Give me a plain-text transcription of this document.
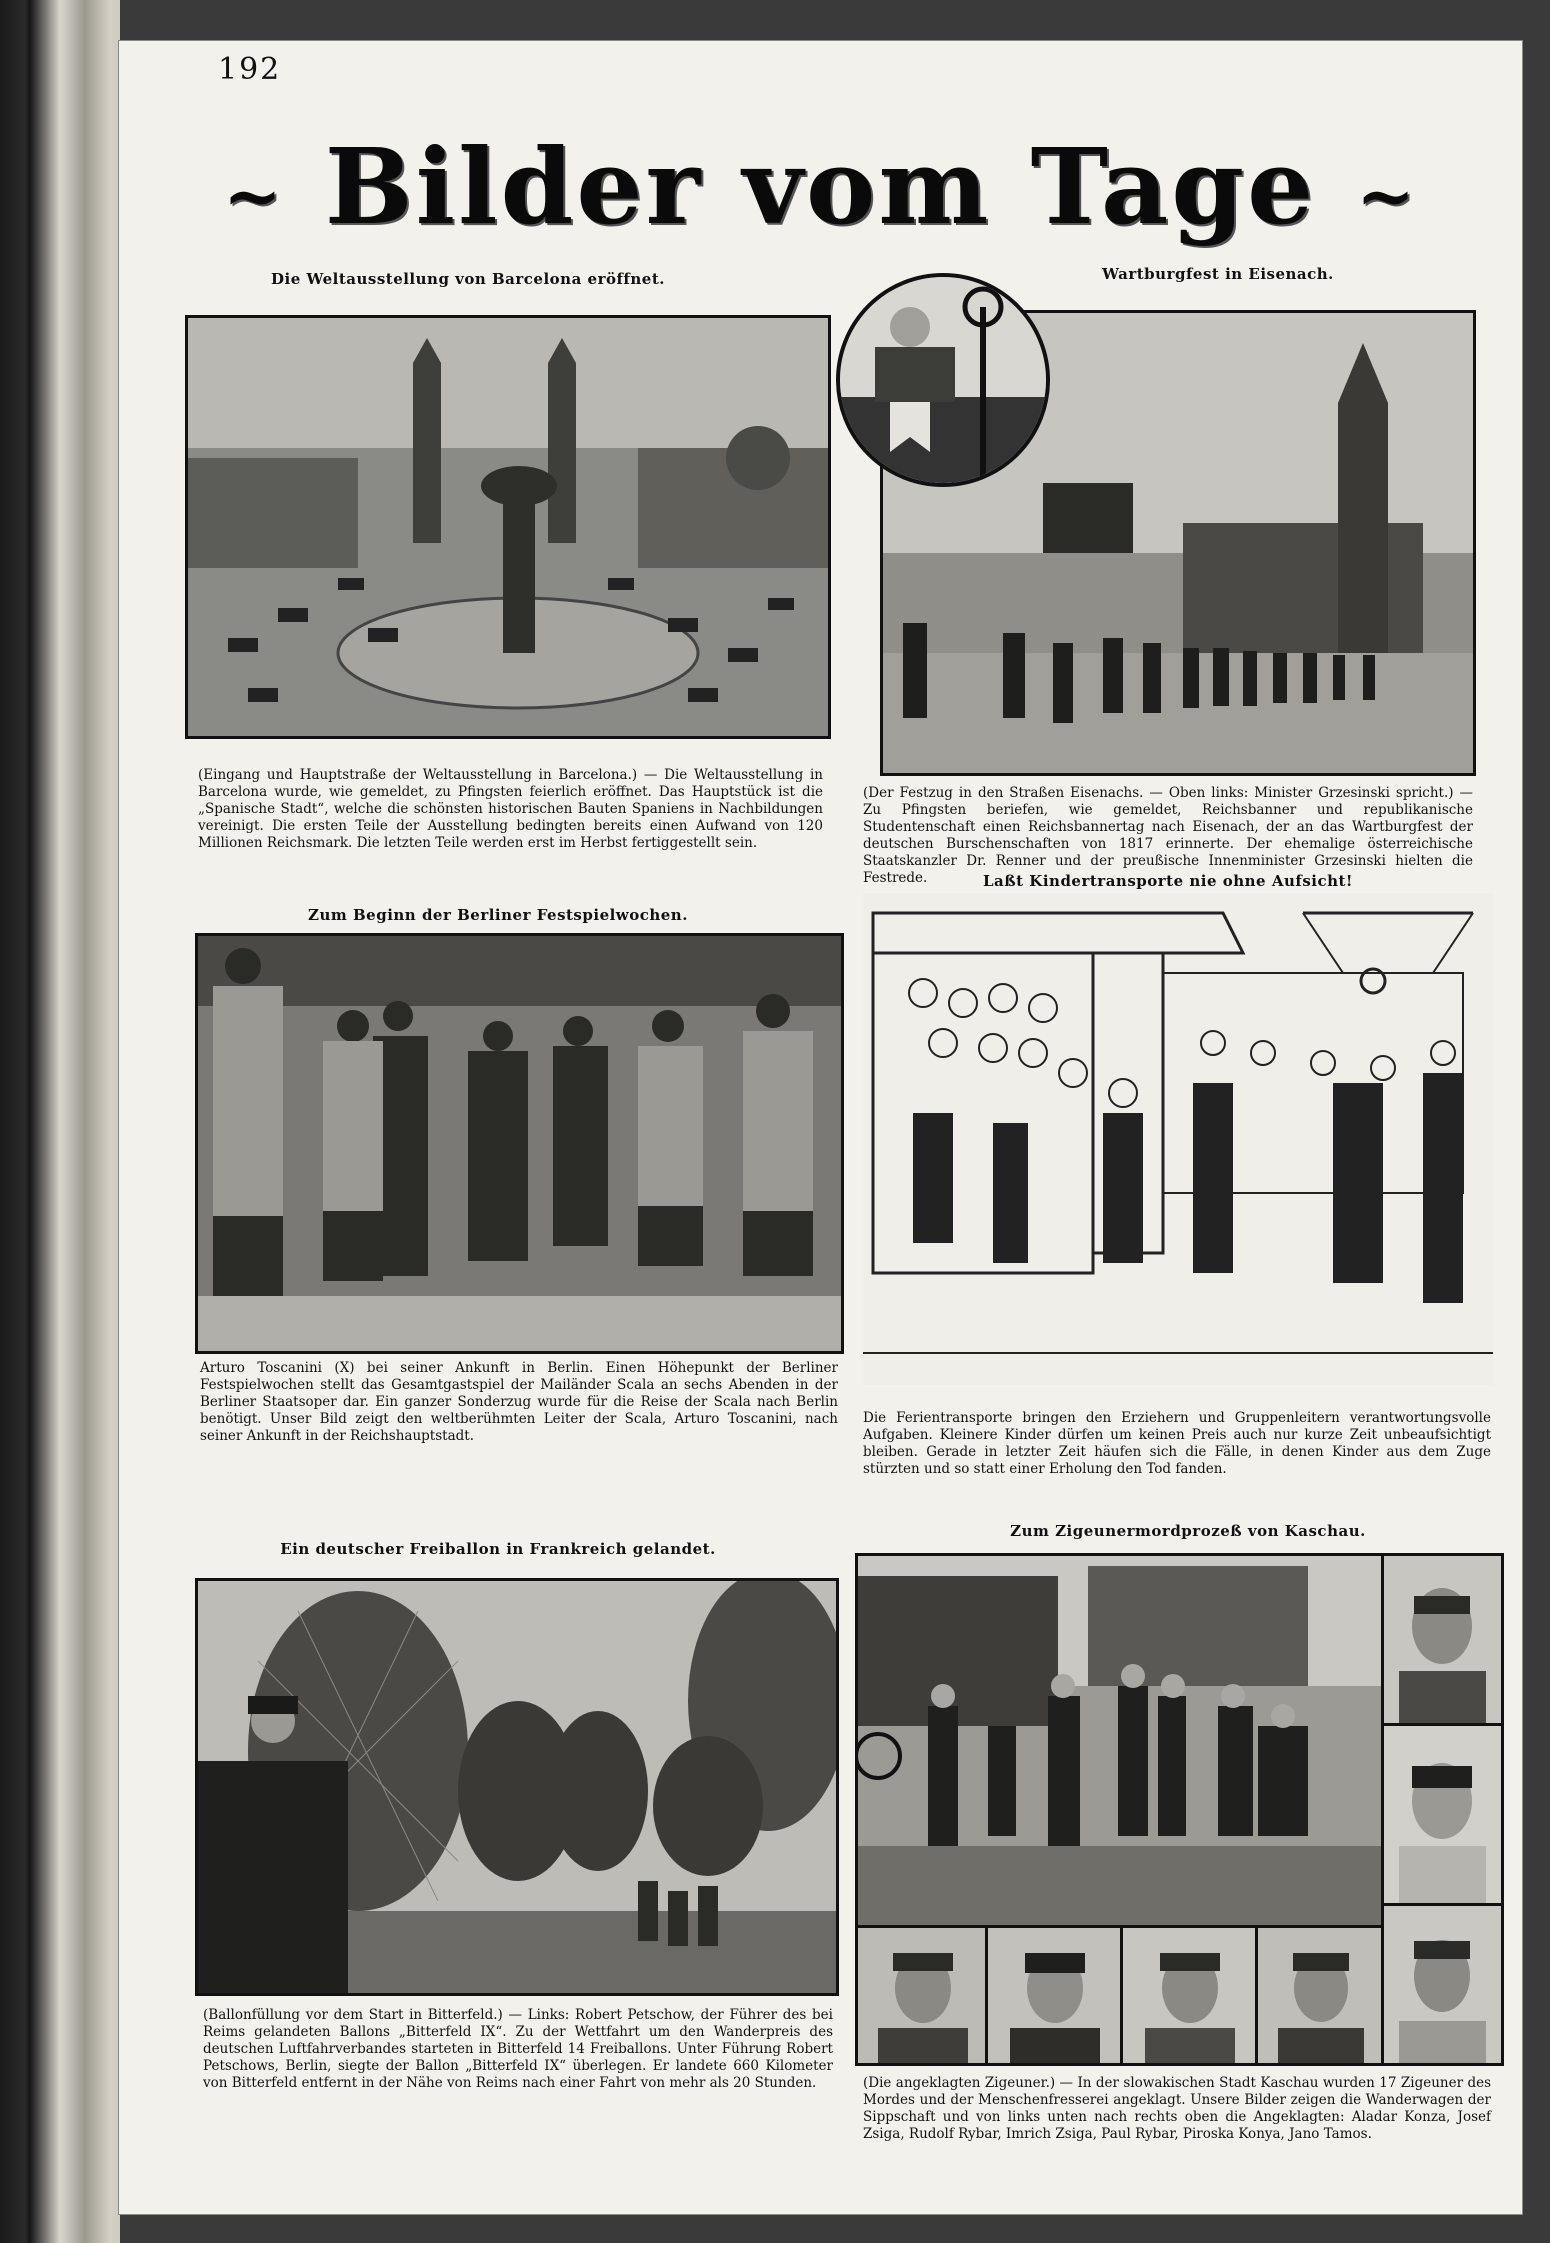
192
~ Bilder vom Tage ~
Die Weltausstellung von Barcelona eröffnet.

(Eingang und Hauptstraße der Weltausstellung in Barcelona.) — Die Weltausstellung in Barcelona wurde, wie gemeldet, zu Pfingsten feierlich eröffnet. Das Hauptstück ist die „Spanische Stadt“, welche die schönsten historischen Bauten Spaniens in Nachbildungen vereinigt. Die ersten Teile der Ausstellung bedingten bereits einen Aufwand von 120 Millionen Reichsmark. Die letzten Teile werden erst im Herbst fertiggestellt sein.

Wartburgfest in Eisenach.

(Der Festzug in den Straßen Eisenachs. — Oben links: Minister Grzesinski spricht.) — Zu Pfingsten beriefen, wie gemeldet, Reichsbanner und republikanische Studentenschaft einen Reichsbannertag nach Eisenach, der an das Wartburgfest der deutschen Burschenschaften von 1817 erinnerte. Der ehemalige österreichische Staatskanzler Dr. Renner und der preußische Innenminister Grzesinski hielten die Festrede.

Zum Beginn der Berliner Festspielwochen.

Arturo Toscanini (X) bei seiner Ankunft in Berlin. Einen Höhepunkt der Berliner Festspielwochen stellt das Gesamtgastspiel der Mailänder Scala an sechs Abenden in der Berliner Staatsoper dar. Ein ganzer Sonderzug wurde für die Reise der Scala nach Berlin benötigt. Unser Bild zeigt den weltberühmten Leiter der Scala, Arturo Toscanini, nach seiner Ankunft in der Reichshauptstadt.

Laßt Kindertransporte nie ohne Aufsicht!

Die Ferientransporte bringen den Erziehern und Gruppenleitern verantwortungsvolle Aufgaben. Kleinere Kinder dürfen um keinen Preis auch nur kurze Zeit unbeaufsichtigt bleiben. Gerade in letzter Zeit häufen sich die Fälle, in denen Kinder aus dem Zuge stürzten und so statt einer Erholung den Tod fanden.

Ein deutscher Freiballon in Frankreich gelandet.

(Ballonfüllung vor dem Start in Bitterfeld.) — Links: Robert Petschow, der Führer des bei Reims gelandeten Ballons „Bitterfeld IX“. Zu der Wettfahrt um den Wanderpreis des deutschen Luftfahrverbandes starteten in Bitterfeld 14 Freiballons. Unter Führung Robert Petschows, Berlin, siegte der Ballon „Bitterfeld IX“ überlegen. Er landete 660 Kilometer von Bitterfeld entfernt in der Nähe von Reims nach einer Fahrt von mehr als 20 Stunden.

Zum Zigeunermordprozeß von Kaschau.

(Die angeklagten Zigeuner.) — In der slowakischen Stadt Kaschau wurden 17 Zigeuner des Mordes und der Menschenfresserei angeklagt. Unsere Bilder zeigen die Wanderwagen der Sippschaft und von links unten nach rechts oben die Angeklagten: Aladar Konza, Josef Zsiga, Rudolf Rybar, Imrich Zsiga, Paul Rybar, Piroska Konya, Jano Tamos.
